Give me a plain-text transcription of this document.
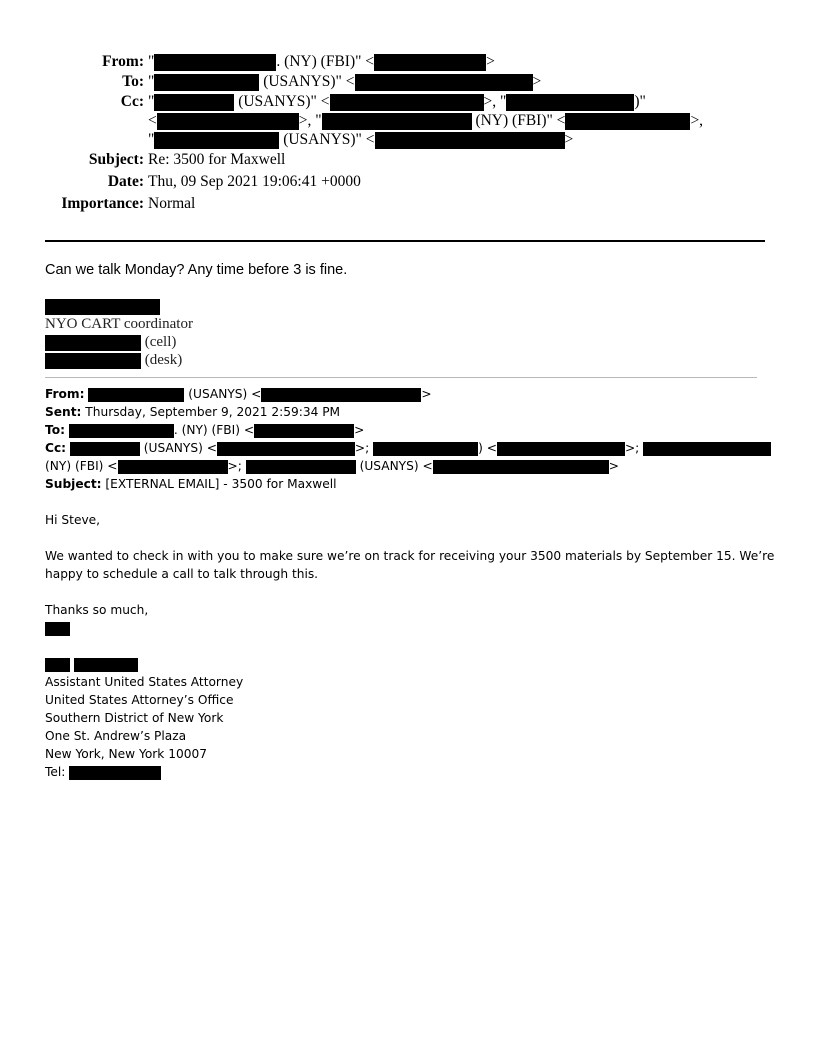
From: "	. (NY) (FBI)" <	>
To: "	(USANYS)" <	>
Cc: "	(USANYS)" <	>, "	)"
<	>, "	(NY) (FBI)" <	>,
"	(USANYS)" <	>
Subject: Re: 3500 for Maxwell
Date: Thu, 09 Sep 2021 19:06:41 +0000
Importance: Normal
Can we talk Monday? Any time before 3 is fine.
NYO CART coordinator
(cell)
(desk)

From:	(USANYS) <	>

Sent: Thursday, September 9, 2021 2:59:34 PM

To:	. (NY) (FBI) <	>

Cc:	(USANYS) <	>;	) <	>;

(NY) (FBI) <	>;	(USANYS) <	>

Subject: [EXTERNAL EMAIL] - 3500 for Maxwell

Hi Steve,

We wanted to check in with you to make sure we’re on track for receiving your 3500 materials by September 15. We’re

happy to schedule a call to talk through this.

Thanks so much,

Assistant United States Attorney

United States Attorney’s Office

Southern District of New York

One St. Andrew’s Plaza

New York, New York 10007

Tel:
